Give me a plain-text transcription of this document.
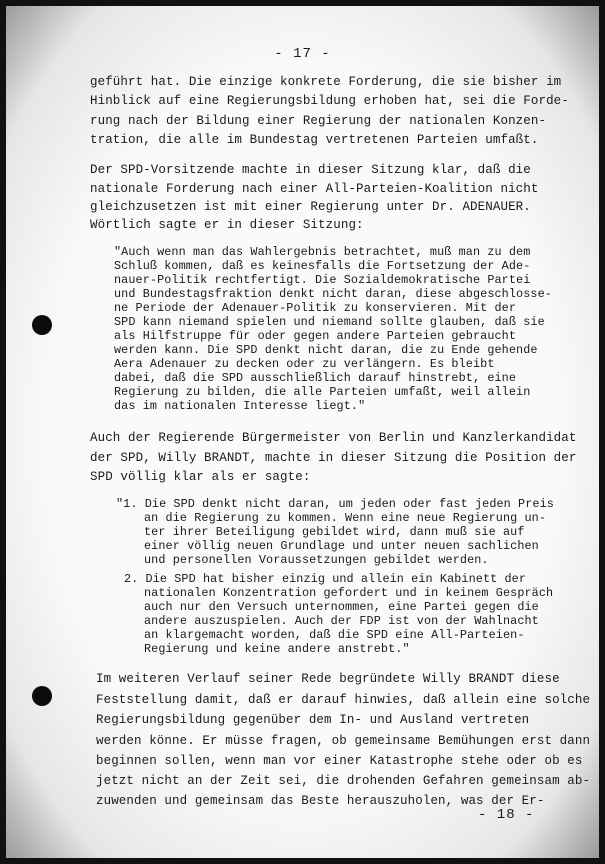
- 17 -
geführt hat. Die einzige konkrete Forderung, die sie bisher im
Hinblick auf eine Regierungsbildung erhoben hat, sei die Forde-
rung nach der Bildung einer Regierung der nationalen Konzen-
tration, die alle im Bundestag vertretenen Parteien umfaßt.
Der SPD-Vorsitzende machte in dieser Sitzung klar, daß die
nationale Forderung nach einer All-Parteien-Koalition nicht
gleichzusetzen ist mit einer Regierung unter Dr. ADENAUER.
Wörtlich sagte er in dieser Sitzung:
"Auch wenn man das Wahlergebnis betrachtet, muß man zu dem
Schluß kommen, daß es keinesfalls die Fortsetzung der Ade-
nauer-Politik rechtfertigt. Die Sozialdemokratische Partei
und Bundestagsfraktion denkt nicht daran, diese abgeschlosse-
ne Periode der Adenauer-Politik zu konservieren. Mit der
SPD kann niemand spielen und niemand sollte glauben, daß sie
als Hilfstruppe für oder gegen andere Parteien gebraucht
werden kann. Die SPD denkt nicht daran, die zu Ende gehende
Aera Adenauer zu decken oder zu verlängern. Es bleibt
dabei, daß die SPD ausschließlich darauf hinstrebt, eine
Regierung zu bilden, die alle Parteien umfaßt, weil allein
das im nationalen Interesse liegt."
Auch der Regierende Bürgermeister von Berlin und Kanzlerkandidat
der SPD, Willy BRANDT, machte in dieser Sitzung die Position der
SPD völlig klar als er sagte:
"1. Die SPD denkt nicht daran, um jeden oder fast jeden Preis
an die Regierung zu kommen. Wenn eine neue Regierung un-
ter ihrer Beteiligung gebildet wird, dann muß sie auf
einer völlig neuen Grundlage und unter neuen sachlichen
und personellen Voraussetzungen gebildet werden.
2. Die SPD hat bisher einzig und allein ein Kabinett der
nationalen Konzentration gefordert und in keinem Gespräch
auch nur den Versuch unternommen, eine Partei gegen die
andere auszuspielen. Auch der FDP ist von der Wahlnacht
an klargemacht worden, daß die SPD eine All-Parteien-
Regierung und keine andere anstrebt."
Im weiteren Verlauf seiner Rede begründete Willy BRANDT diese
Feststellung damit, daß er darauf hinwies, daß allein eine solche
Regierungsbildung gegenüber dem In- und Ausland vertreten
werden könne. Er müsse fragen, ob gemeinsame Bemühungen erst dann
beginnen sollen, wenn man vor einer Katastrophe stehe oder ob es
jetzt nicht an der Zeit sei, die drohenden Gefahren gemeinsam ab-
zuwenden und gemeinsam das Beste herauszuholen, was der Er-
- 18 -
